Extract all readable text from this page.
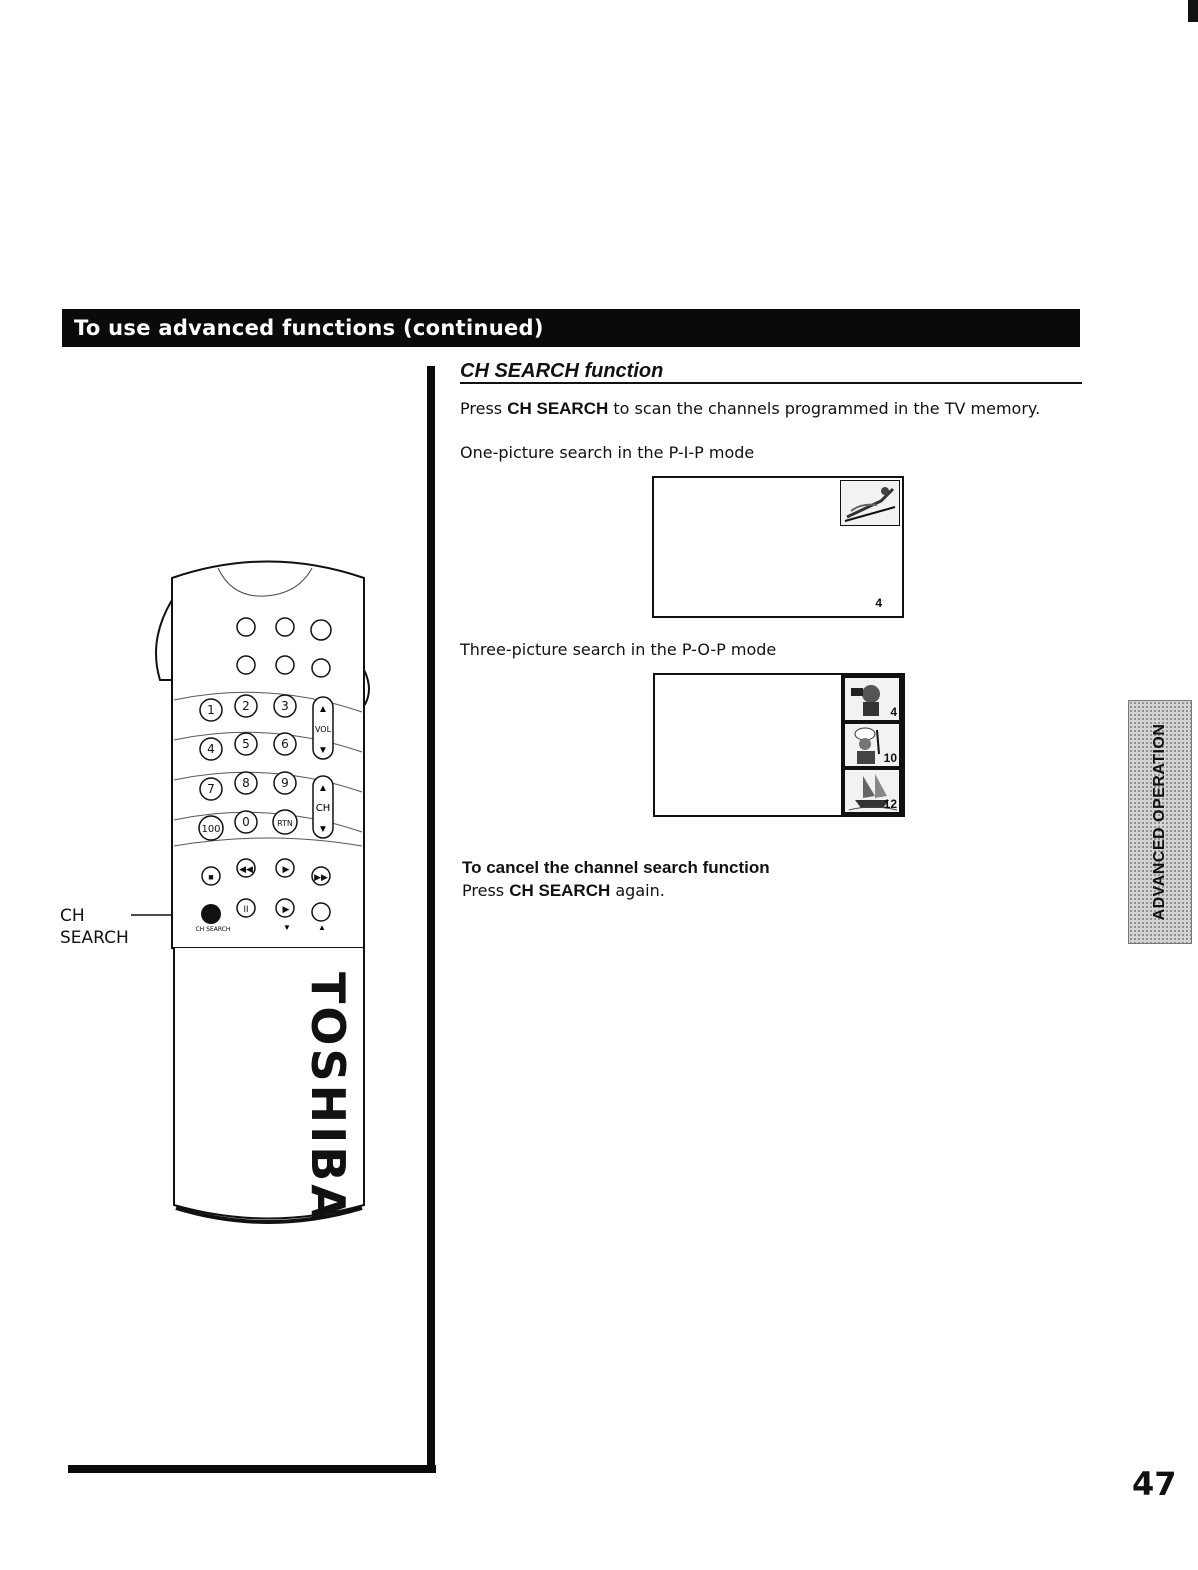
To use advanced functions (continued)
CH
SEARCH
1 2	3
4 5	6
7 8	9
100
0	RTN
▲
VOL
▼
▲
CH
▼
■
◀◀	▶
▶▶
II	▶
CH SEARCH	▼	▲
TOSHIBA
CH SEARCH function
Press CH SEARCH to scan the channels programmed in the TV memory.
One-picture search in the P-I-P mode
4
Three-picture search in the P-O-P mode
4
10
12
To cancel the channel search function
Press CH SEARCH again.	ADVANCED OPERATION
47
